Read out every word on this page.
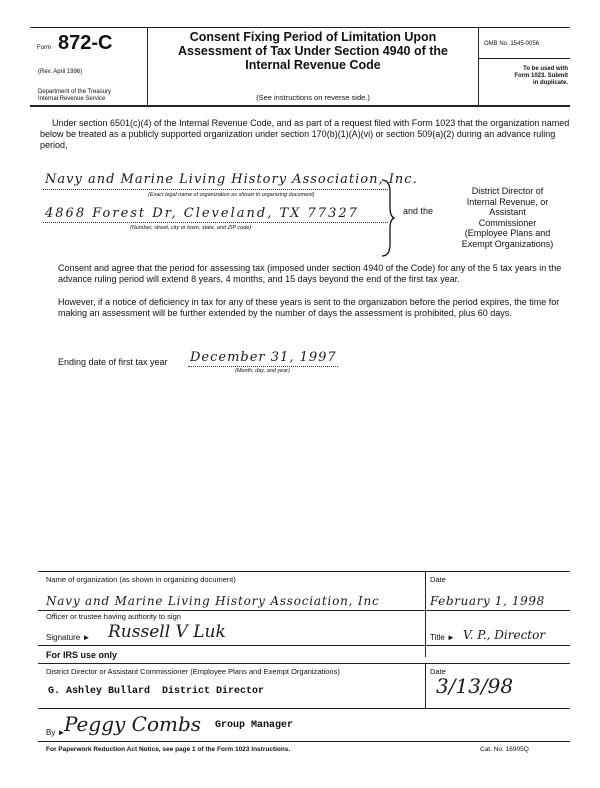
Form 872-C
(Rev. April 1996)
Department of the Treasury
Internal Revenue Service
Consent Fixing Period of Limitation Upon
Assessment of Tax Under Section 4940 of the
Internal Revenue Code
(See instructions on reverse side.)
OMB No. 1545-0056
To be used with
Form 1023. Submit
in duplicate.
Under section 6501(c)(4) of the Internal Revenue Code, and as part of a request filed with Form 1023 that the organization named below be treated as a publicly supported organization under section 170(b)(1)(A)(vi) or section 509(a)(2) during an advance ruling period,
Navy and Marine Living History Association, Inc.
(Exact legal name of organization as shown in organizing document)
4868 Forest Dr, Cleveland, TX 77327
(Number, street, city or town, state, and ZIP code)
and the
District Director of
Internal Revenue, or
Assistant
Commissioner
(Employee Plans and
Exempt Organizations)
Consent and agree that the period for assessing tax (imposed under section 4940 of the Code) for any of the 5 tax years in the advance ruling period will extend 8 years, 4 months, and 15 days beyond the end of the first tax year.
However, if a notice of deficiency in tax for any of these years is sent to the organization before the period expires, the time for making an assessment will be further extended by the number of days the assessment is prohibited, plus 60 days.
Ending date of first tax year December 31, 1997
(Month, day, and year)
Name of organization (as shown in organizing document)	Date
Navy and Marine Living History Association, Inc	February 1, 1998
Officer or trustee having authority to sign
Signature ► Russell V Luk	Title ► V. P., Director
For IRS use only
District Director or Assistant Commissioner (Employee Plans and Exempt Organizations)	Date
G. Ashley Bullard  District Director	3/13/98
By ►
Peggy Combs Group Manager
For Paperwork Reduction Act Notice, see page 1 of the Form 1023 Instructions.	Cat. No. 16905Q
